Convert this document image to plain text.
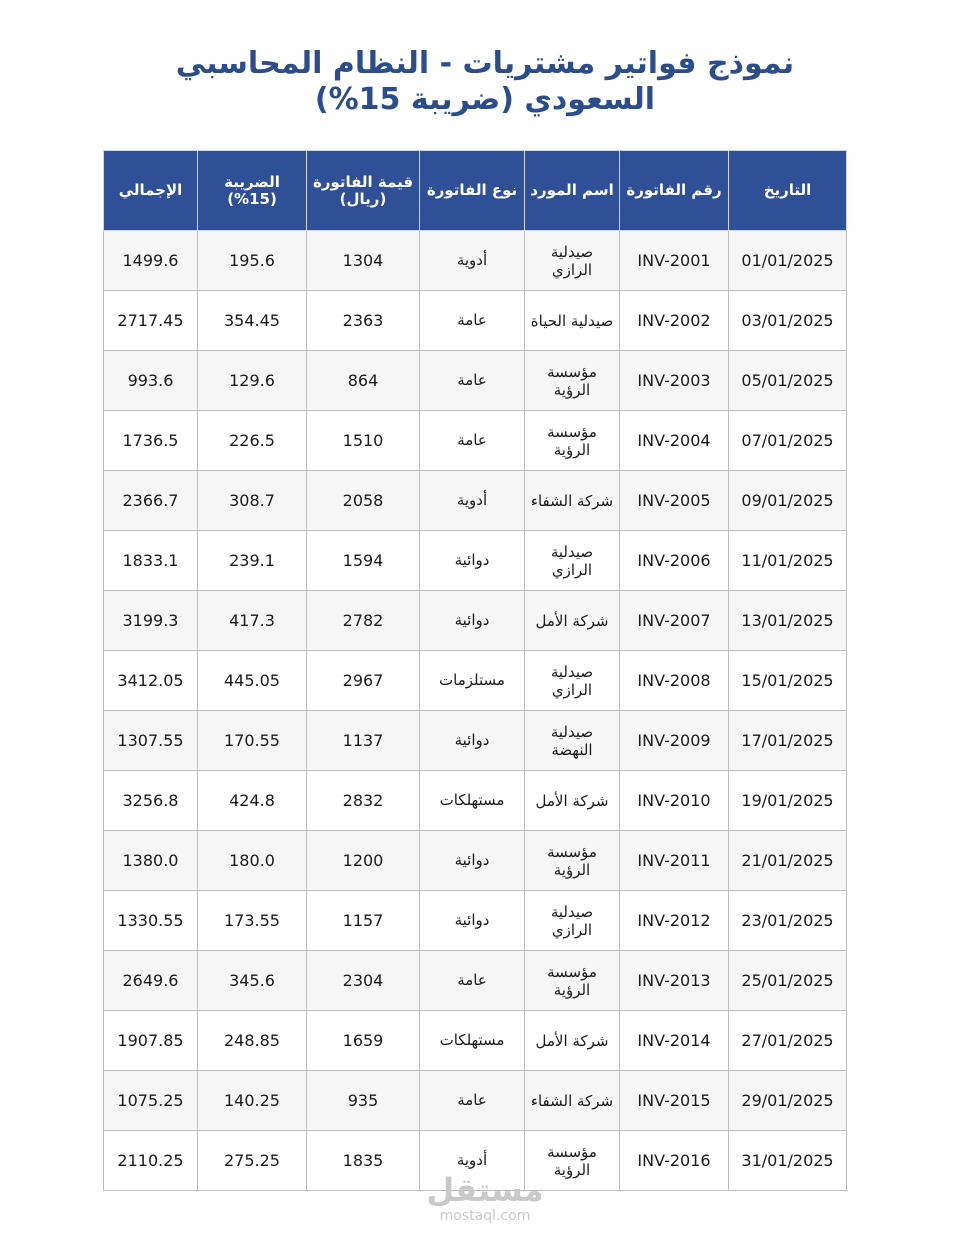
نموذج فواتير مشتريات - النظام المحاسبي السعودي (ضريبة 15%)
التاريخ	رقم الفاتورة	اسم المورد	نوع الفاتورة	قيمة الفاتورة (ريال)	الضريبة (15%)	الإجمالي
01/01/2025	INV-2001	صيدلية الرازي	أدوية	1304	195.6	1499.6
03/01/2025	INV-2002	صيدلية الحياة	عامة	2363	354.45	2717.45
05/01/2025	INV-2003	مؤسسة الرؤية	عامة	864	129.6	993.6
07/01/2025	INV-2004	مؤسسة الرؤية	عامة	1510	226.5	1736.5
09/01/2025	INV-2005	شركة الشفاء	أدوية	2058	308.7	2366.7
11/01/2025	INV-2006	صيدلية الرازي	دوائية	1594	239.1	1833.1
13/01/2025	INV-2007	شركة الأمل	دوائية	2782	417.3	3199.3
15/01/2025	INV-2008	صيدلية الرازي	مستلزمات	2967	445.05	3412.05
17/01/2025	INV-2009	صيدلية النهضة	دوائية	1137	170.55	1307.55
19/01/2025	INV-2010	شركة الأمل	مستهلكات	2832	424.8	3256.8
21/01/2025	INV-2011	مؤسسة الرؤية	دوائية	1200	180.0	1380.0
23/01/2025	INV-2012	صيدلية الرازي	دوائية	1157	173.55	1330.55
25/01/2025	INV-2013	مؤسسة الرؤية	عامة	2304	345.6	2649.6
27/01/2025	INV-2014	شركة الأمل	مستهلكات	1659	248.85	1907.85
29/01/2025	INV-2015	شركة الشفاء	عامة	935	140.25	1075.25
31/01/2025	INV-2016	مؤسسة الرؤية	أدوية	1835	275.25	2110.25
مستقل
mostaql.com
